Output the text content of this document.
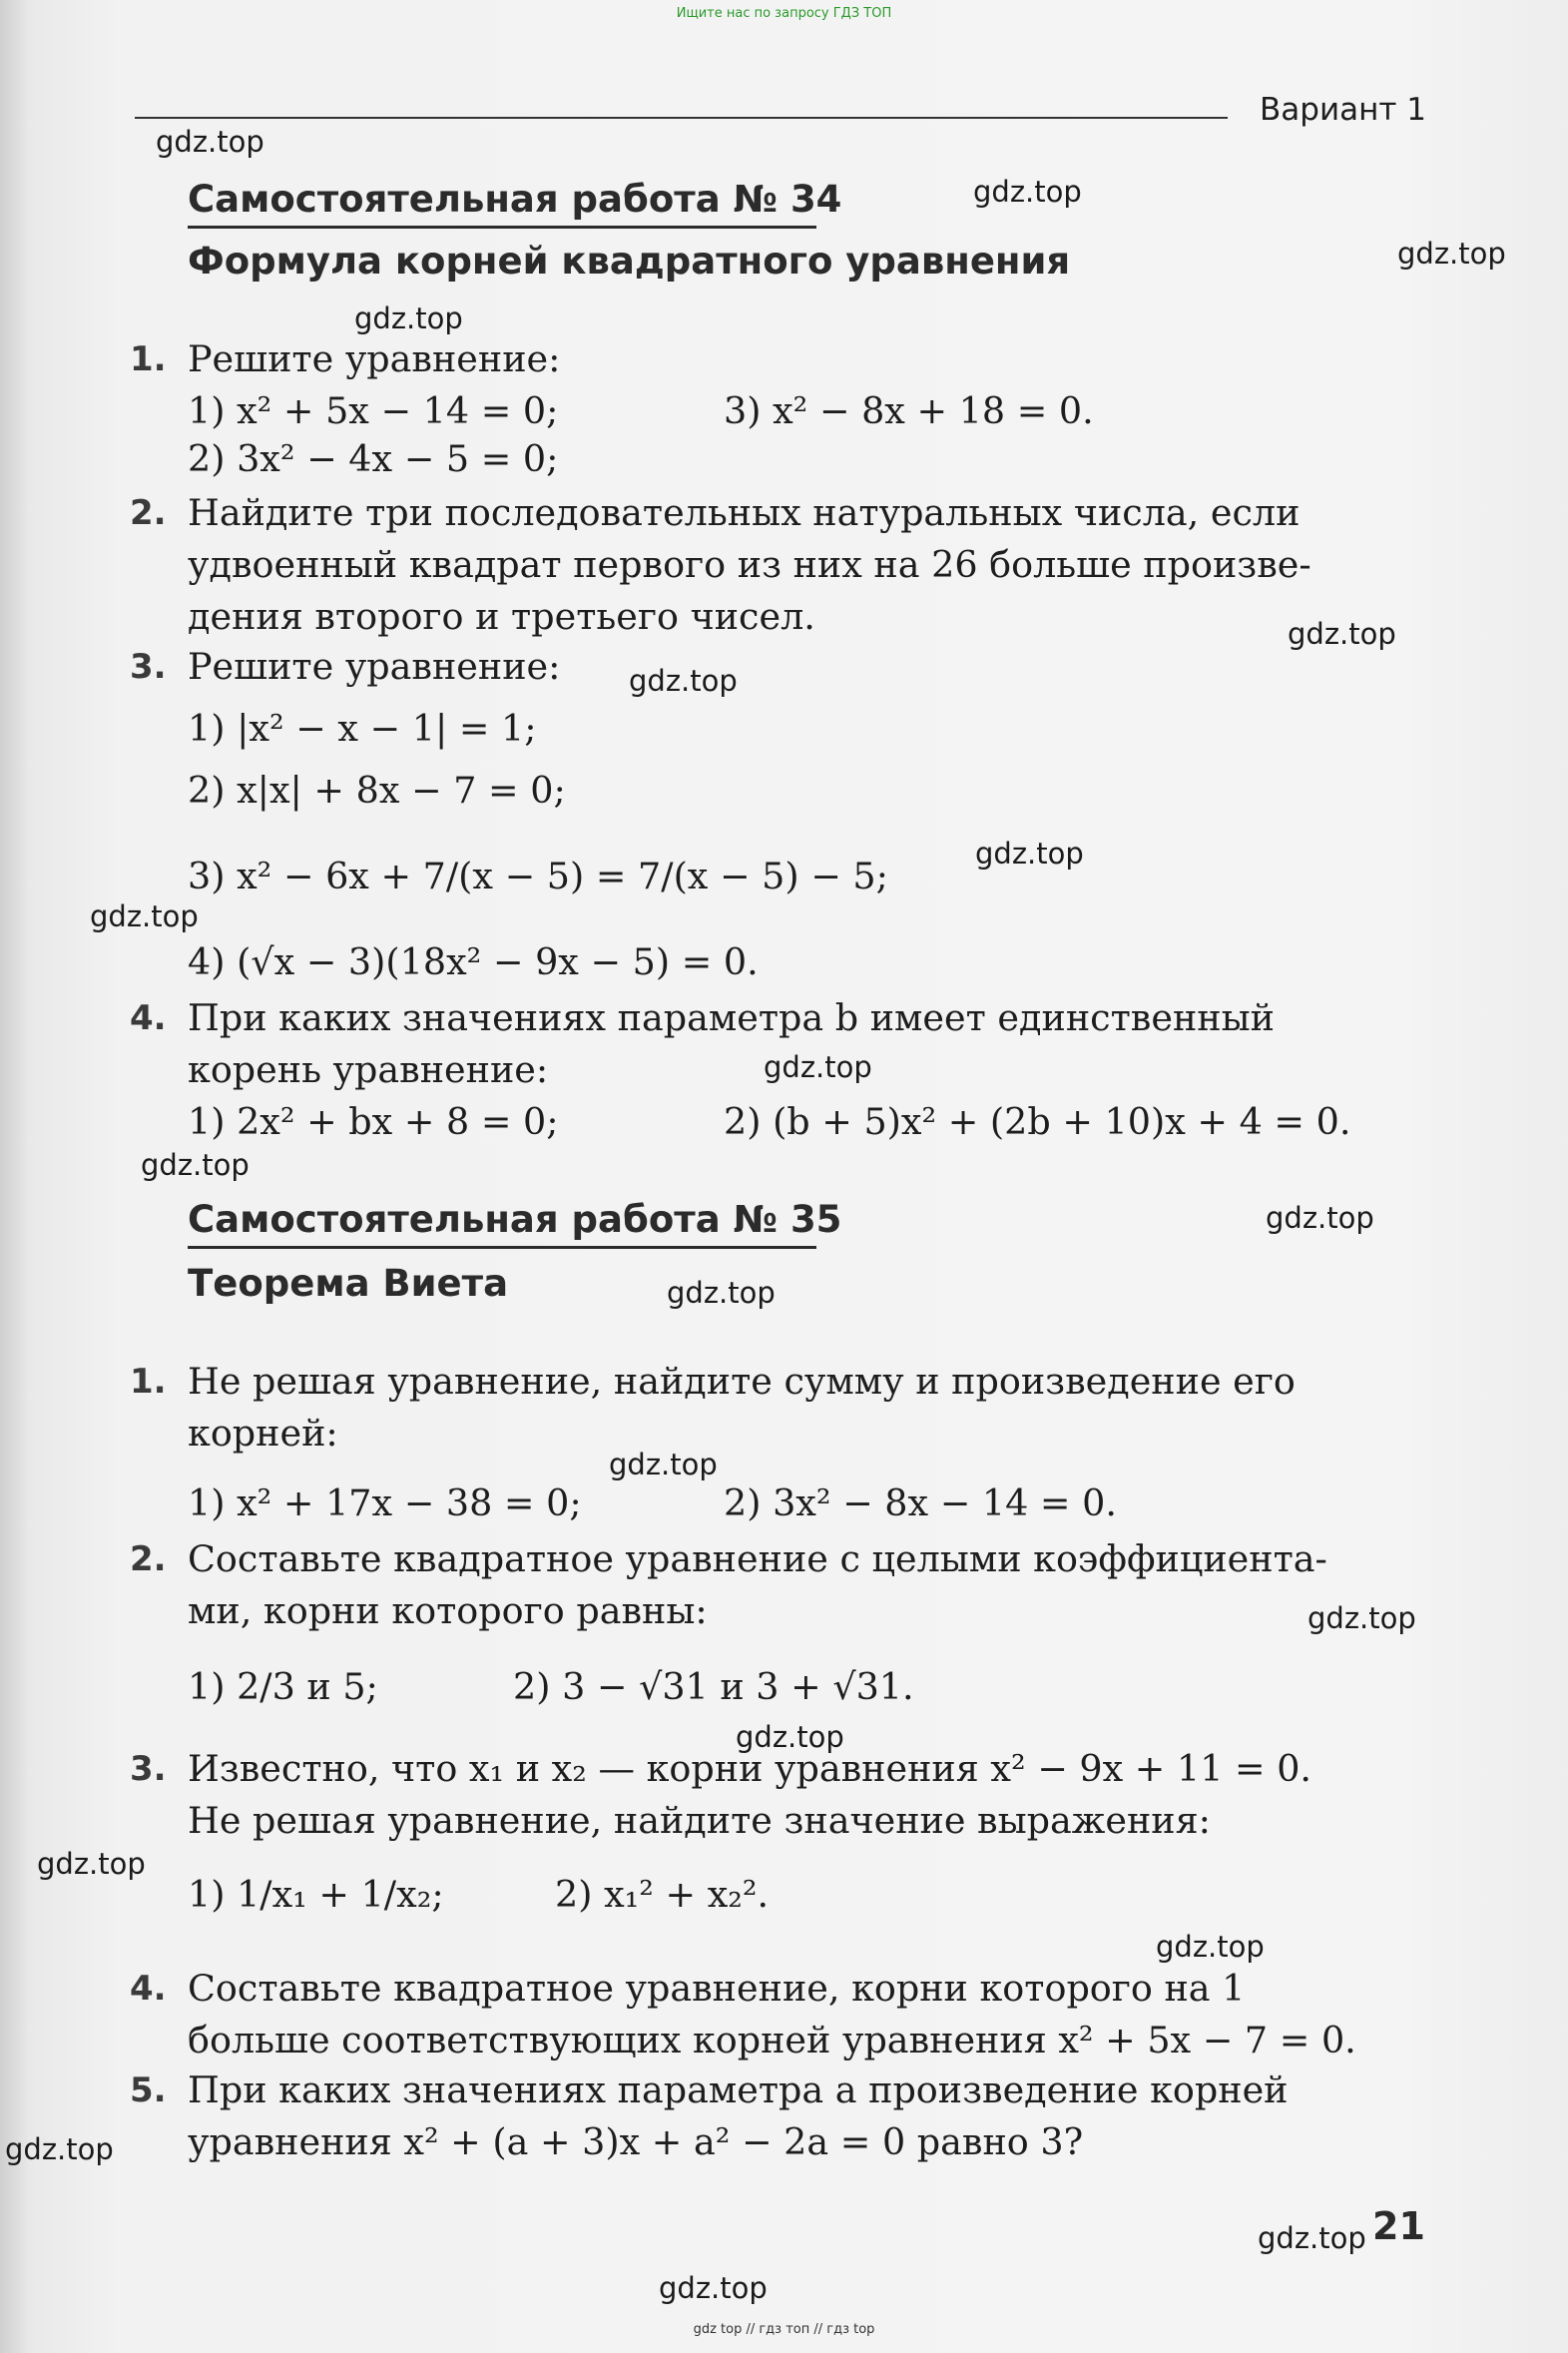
Ищите нас по запросу ГДЗ ТОП
Вариант 1
gdz.top
gdz.top
gdz.top
gdz.top
gdz.top
gdz.top
gdz.top
gdz.top
gdz.top
gdz.top
gdz.top
gdz.top
gdz.top
gdz.top
gdz.top
gdz.top
gdz.top
gdz.top
gdz.top
gdz.top
Самостоятельная работа № 34
Формула корней квадратного уравнения
1. Решите уравнение:
1) x² + 5x − 14 = 0;	3) x² − 8x + 18 = 0.
2) 3x² − 4x − 5 = 0;
2. Найдите три последовательных натуральных числа, если
удвоенный квадрат первого из них на 26 больше произве-
дения второго и третьего чисел.
3. Решите уравнение:
1) |x² − x − 1| = 1;
2) x|x| + 8x − 7 = 0;
3) x² − 6x + 7/(x − 5) = 7/(x − 5) − 5;
4) (√x − 3)(18x² − 9x − 5) = 0.
4. При каких значениях параметра b имеет единственный
корень уравнение:
1) 2x² + bx + 8 = 0;	2) (b + 5)x² + (2b + 10)x + 4 = 0.
Самостоятельная работа № 35
Теорема Виета
1. Не решая уравнение, найдите сумму и произведение его
корней:
1) x² + 17x − 38 = 0;	2) 3x² − 8x − 14 = 0.
2. Составьте квадратное уравнение с целыми коэффициента-
ми, корни которого равны:
1) 2/3 и 5;	2) 3 − √31 и 3 + √31.
3. Известно, что x₁ и x₂ — корни уравнения x² − 9x + 11 = 0.
Не решая уравнение, найдите значение выражения:
1) 1/x₁ + 1/x₂;	2) x₁² + x₂².
4. Составьте квадратное уравнение, корни которого на 1
больше соответствующих корней уравнения x² + 5x − 7 = 0.
5. При каких значениях параметра a произведение корней
уравнения x² + (a + 3)x + a² − 2a = 0 равно 3?
21
gdz top // гдз топ // гдз top
